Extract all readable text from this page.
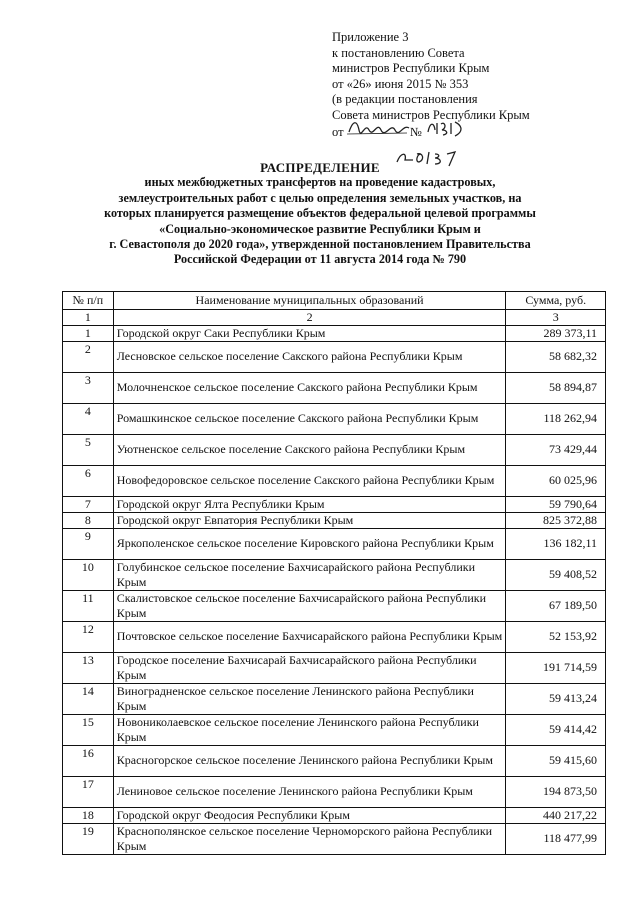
Приложение 3
к постановлению Совета
министров Республики Крым
от «26» июня 2015 № 353
(в редакции постановления
Совета министров Республики Крым
от	№
РАСПРЕДЕЛЕНИЕ
иных межбюджетных трансфертов на проведение кадастровых,
землеустроительных работ с целью определения земельных участков, на
которых планируется размещение объектов федеральной целевой программы
«Социально-экономическое развитие Республики Крым и
г. Севастополя до 2020 года», утвержденной постановлением Правительства
Российской Федерации от 11 августа 2014 года № 790
№ п/п	Наименование муниципальных образований	Сумма, руб.
1	2	3
1	Городской округ Саки Республики Крым	289 373,11
2	Лесновское сельское поселение Сакского района Республики Крым	58 682,32
3	Молочненское сельское поселение Сакского района Республики Крым	58 894,87
4	Ромашкинское сельское поселение Сакского района Республики Крым	118 262,94
5	Уютненское сельское поселение Сакского района Республики Крым	73 429,44
6	Новофедоровское сельское поселение Сакского района Республики Крым	60 025,96
7	Городской округ Ялта Республики Крым	59 790,64
8	Городской округ Евпатория Республики Крым	825 372,88
9	Яркополенское сельское поселение Кировского района Республики Крым	136 182,11
10	Голубинское сельское поселение Бахчисарайского района Республики Крым	59 408,52
11	Скалистовское сельское поселение Бахчисарайского района Республики Крым	67 189,50
12	Почтовское сельское поселение Бахчисарайского района Республики Крым	52 153,92
13	Городское поселение Бахчисарай Бахчисарайского района Республики Крым	191 714,59
14	Виноградненское сельское поселение Ленинского района Республики Крым	59 413,24
15	Новониколаевское сельское поселение Ленинского района Республики Крым	59 414,42
16	Красногорское сельское поселение Ленинского района Республики Крым	59 415,60
17	Лениновое сельское поселение Ленинского района Республики Крым	194 873,50
18	Городской округ Феодосия Республики Крым	440 217,22
19	Краснополянское сельское поселение Черноморского района Республики Крым	118 477,99
